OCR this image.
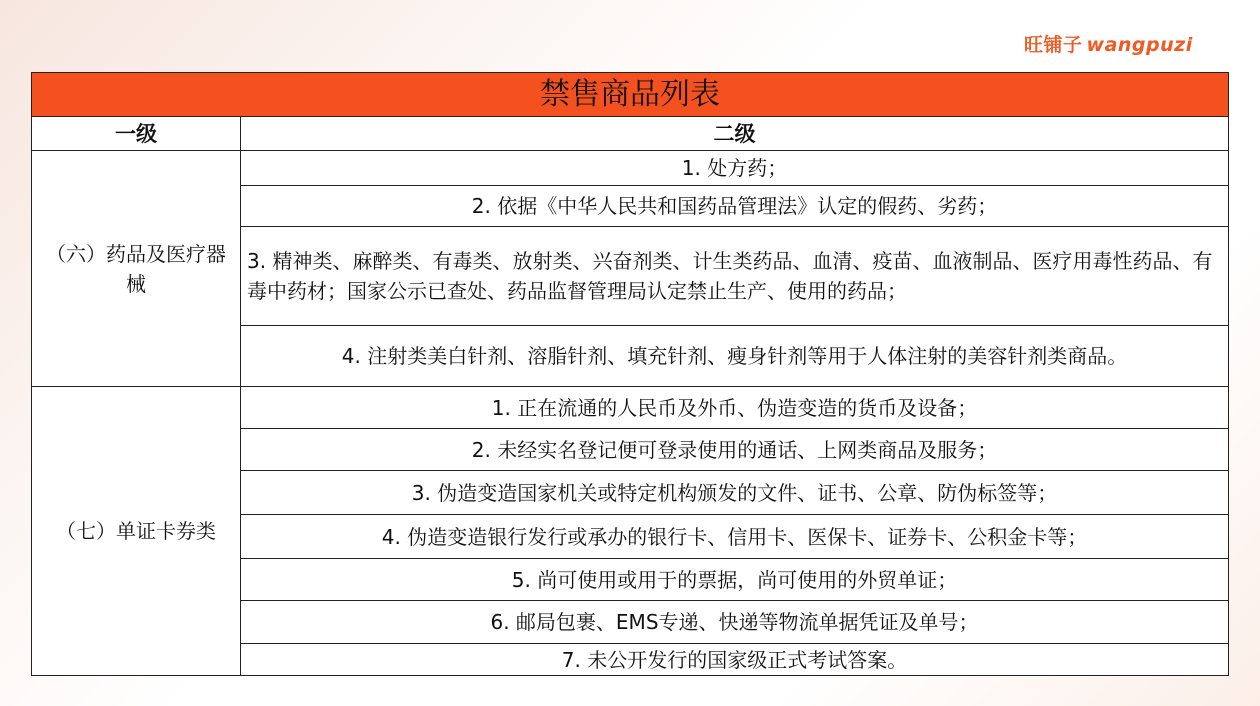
旺铺子 wangpuzi
禁售商品列表	
一级	二级
（六）药品及医疗器械	1. 处方药；
	2. 依据《中华人民共和国药品管理法》认定的假药、劣药；
	3. 精神类、麻醉类、有毒类、放射类、兴奋剂类、计生类药品、血清、疫苗、血液制品、医疗用毒性药品、有毒中药材；国家公示已查处、药品监督管理局认定禁止生产、使用的药品；
	4. 注射类美白针剂、溶脂针剂、填充针剂、瘦身针剂等用于人体注射的美容针剂类商品。
（七）单证卡券类	1. 正在流通的人民币及外币、伪造变造的货币及设备；
	2. 未经实名登记便可登录使用的通话、上网类商品及服务；
	3. 伪造变造国家机关或特定机构颁发的文件、证书、公章、防伪标签等；
	4. 伪造变造银行发行或承办的银行卡、信用卡、医保卡、证券卡、公积金卡等；
	5. 尚可使用或用于的票据，尚可使用的外贸单证；
	6. 邮局包裹、EMS专递、快递等物流单据凭证及单号；
	7. 未公开发行的国家级正式考试答案。
